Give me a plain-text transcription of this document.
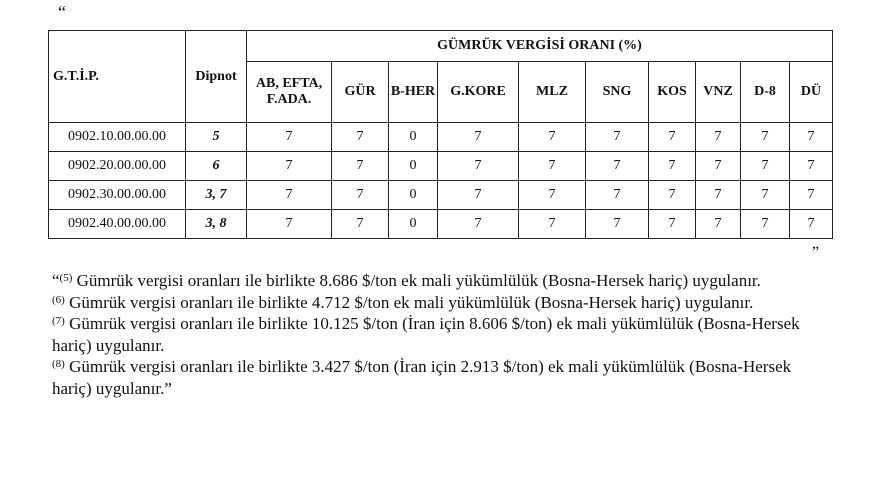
“
G.T.İ.P.	Dipnot	GÜMRÜK VERGİSİ ORANI (%)									
		AB, EFTA, F.ADA.	GÜR	B-HER	G.KORE	MLZ	SNG	KOS	VNZ	D-8	DÜ
0902.10.00.00.00	5	7	7	0	7	7	7	7	7	7	7
0902.20.00.00.00	6	7	7	0	7	7	7	7	7	7	7
0902.30.00.00.00	3, 7	7	7	0	7	7	7	7	7	7	7
0902.40.00.00.00	3, 8	7	7	0	7	7	7	7	7	7	7
”

“$^{(5)}$ Gümrük vergisi oranları ile birlikte 8.686 $/ton ek mali yükümlülük (Bosna-Hersek hariç) uygulanır.

$^{(6)}$ Gümrük vergisi oranları ile birlikte 4.712 $/ton ek mali yükümlülük (Bosna-Hersek hariç) uygulanır.

$^{(7)}$ Gümrük vergisi oranları ile birlikte 10.125 $/ton (İran için 8.606 $/ton) ek mali yükümlülük (Bosna-Hersek hariç) uygulanır.

$^{(8)}$ Gümrük vergisi oranları ile birlikte 3.427 $/ton (İran için 2.913 $/ton) ek mali yükümlülük (Bosna-Hersek hariç) uygulanır.”
